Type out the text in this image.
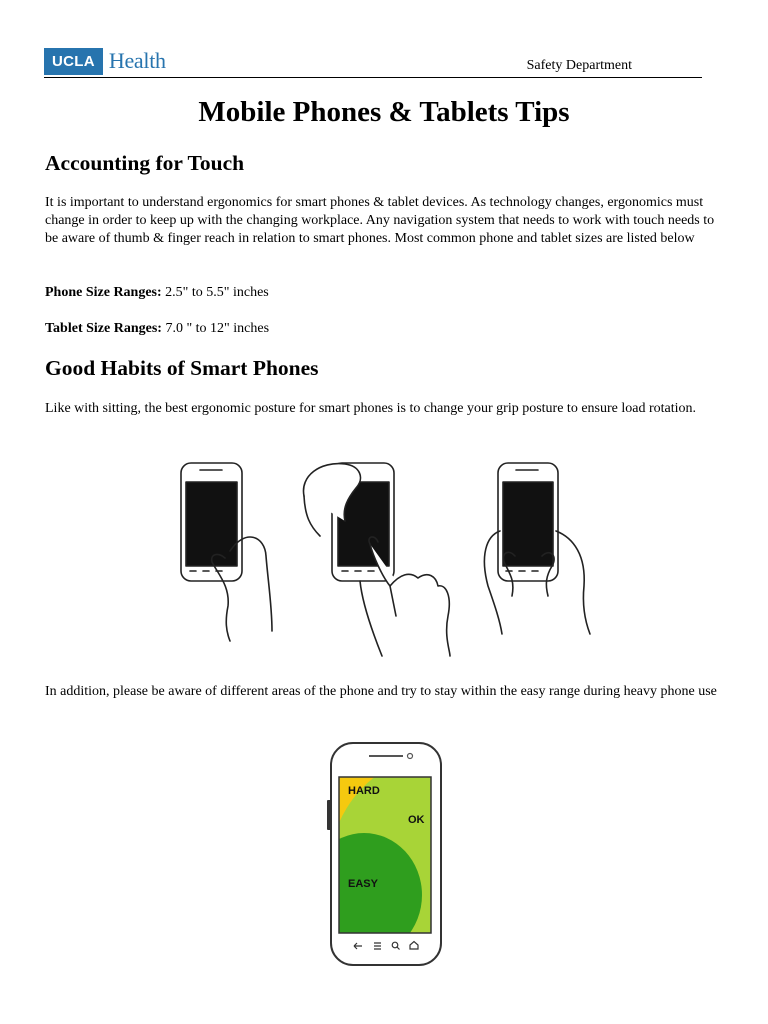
UCLA Health	Safety Department
Mobile Phones & Tablets Tips
Accounting for Touch

It is important to understand ergonomics for smart phones & tablet devices. As technology changes, ergonomics must change in order to keep up with the changing workplace. Any navigation system that needs to work with touch needs to be aware of thumb & finger reach in relation to smart phones. Most common phone and tablet sizes are listed below

Phone Size Ranges: 2.5" to 5.5" inches

Tablet Size Ranges: 7.0 " to 12" inches

Good Habits of Smart Phones

Like with sitting, the best ergonomic posture for smart phones is to change your grip posture to ensure load rotation.

In addition, please be aware of different areas of the phone and try to stay within the easy range during heavy phone use

HARD
OK
EASY
